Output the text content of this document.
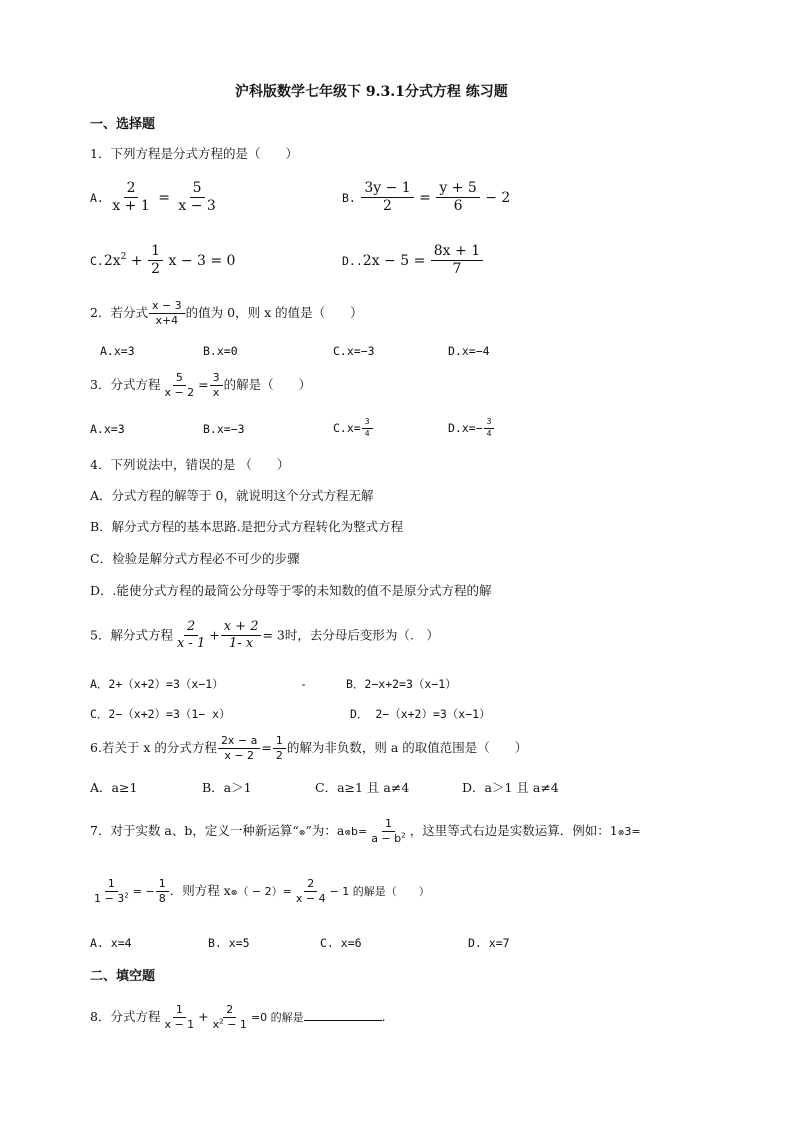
沪科版数学七年级下 9.3.1分式方程 练习题
一、选择题
1．下列方程是分式方程的是（　　）
A. $\frac{2}{x + 1} = \frac{5}{x - 3}$	B. $\frac{3y - 1}{2} = \frac{y + 5}{6} - 2$
$C.2x^2 + \frac{1}{2}$ x − 3 = 0	$D..2x - 5 = \frac{8x + 1}{7}$
2．若分式 $\frac{x - 3}{x+4}$ 的值为 0，则 x 的值是（　　）
A.x=3	B.x=0	C.x=−3	D.x=−4
3．分式方程 $\frac{5}{x - 2} = \frac{3}{x}$ 的解是（　　）
A.x=3	B.x=−3	$C.x= \frac{3}{4}$	$D.x=- \frac{3}{4}$
4．下列说法中，错误的是 （　　）
A．分式方程的解等于 0，就说明这个分式方程无解
B．解分式方程的基本思路.是把分式方程转化为整式方程
C．检验是解分式方程必不可少的步骤
D．.能使分式方程的最简公分母等于零的未知数的值不是原分式方程的解
5．解分式方程 $\frac{2}{x - 1} + \frac{x + 2}{1- x} = 3$时，去分母后变形为（.　）
A．2+（x+2）=3（x−1）	-	B．2−x+2=3（x−1）
C．2−（x+2）=3（1− x）	D． 2−（x+2）=3（x−1）
6.若关于 x 的分式方程 $\frac{2x - a}{x - 2} = \frac{1}{2}$ 的解为非负数，则 a 的取值范围是（　　）
A．a≥1	B．a＞1	C．a≥1 且 a≠4	D．a＞1 且 a≠4
7．对于实数 a、b，定义一种新运算“⊗”为：a⊗b= $\frac{1}{a - b^2}$ ，这里等式右边是实数运算．例如：1⊗3=
$\frac{1}{1 - 3^2}$ = − $\frac{1}{8}$ ．则方程 x⊗（ − $2)= \frac{2}{x - 4} - 1$ 的解是（　　）
A. x=4	B. x=5	C. x=6	D. x=7
二、填空题
8．分式方程 $\frac{1}{x - 1} + \frac{2}{x^2 - 1} =0$ 的解是	．
